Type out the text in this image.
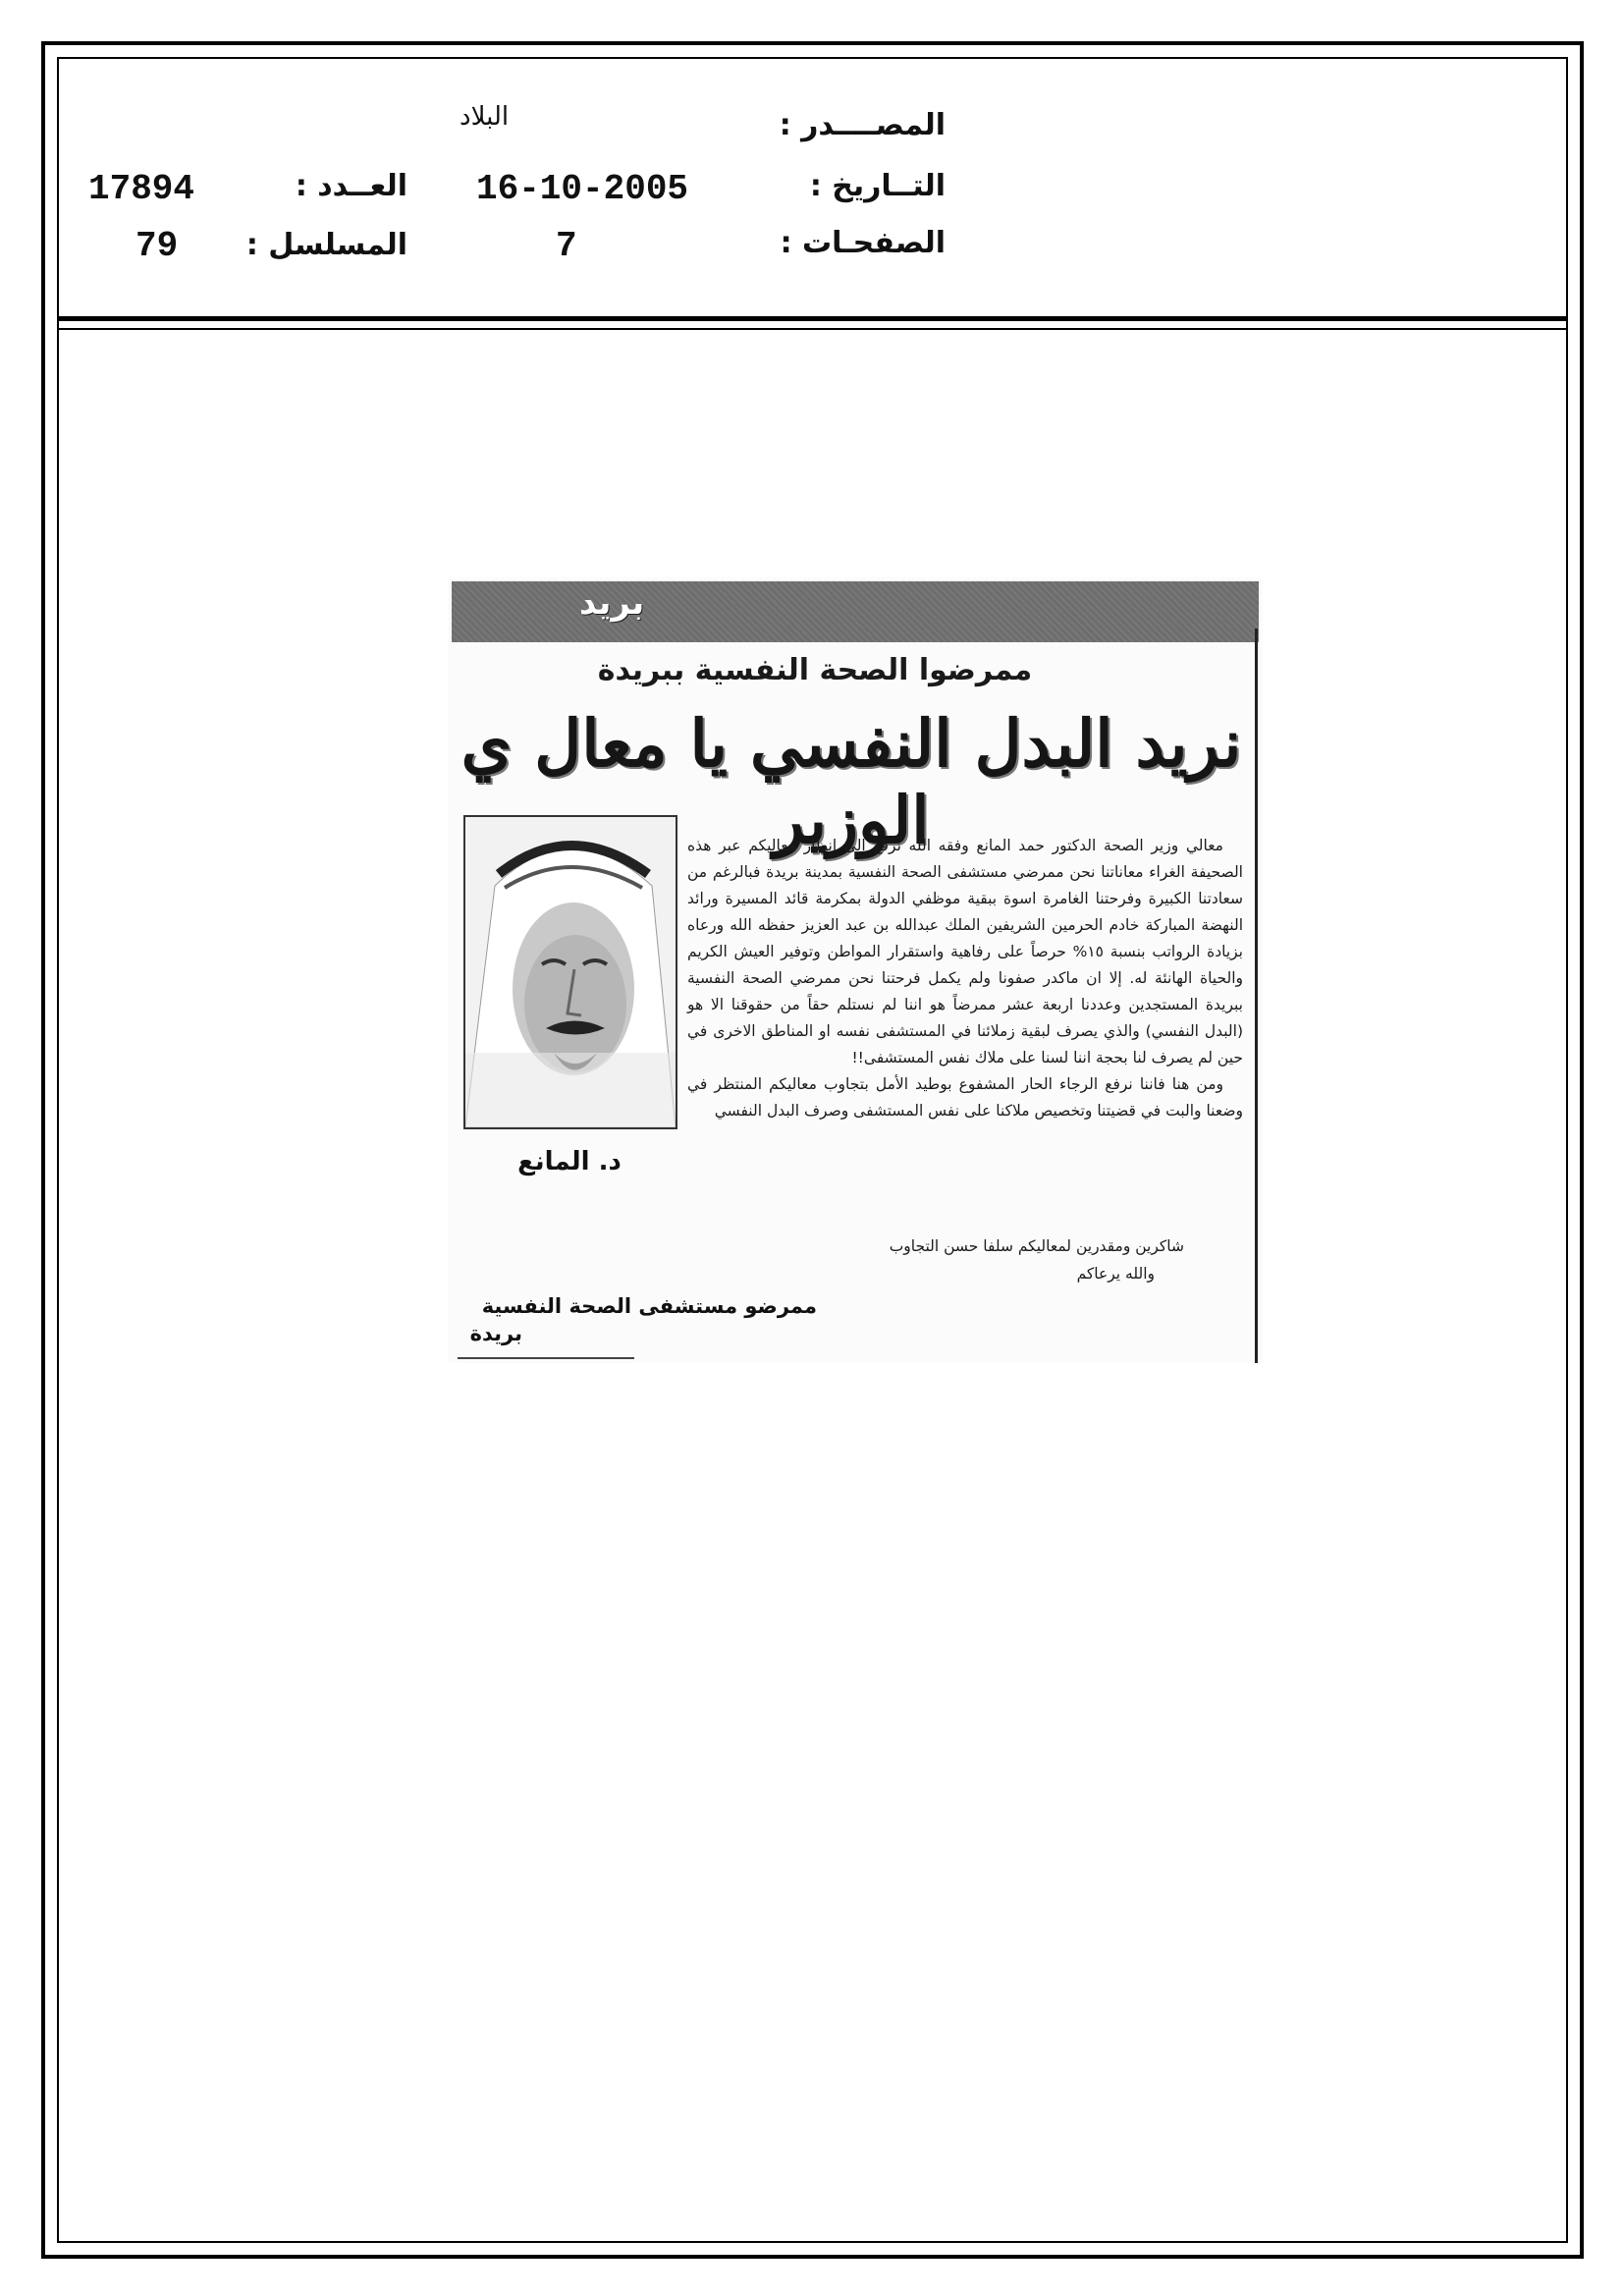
المصــــدر :
البلاد
التــاريخ :
16-10-2005
العــدد :
17894
الصفحـات :
7
المسلسل :
79
بريد
ممرضوا الصحة النفسية ببريدة
نريد البدل النفسي يا معال ي الوزير
د. المانع

معالي وزير الصحة الدكتور حمد المانع وفقه الله نرفع الى انظار معاليكم عبر هذه الصحيفة الغراء معاناتنا نحن ممرضي مستشفى الصحة النفسية بمدينة بريدة فبالرغم من سعادتنا الكبيرة وفرحتنا الغامرة اسوة ببقية موظفي الدولة بمكرمة قائد المسيرة ورائد النهضة المباركة خادم الحرمين الشريفين الملك عبدالله بن عبد العزيز حفظه الله ورعاه بزيادة الرواتب بنسبة ١٥% حرصاً على رفاهية واستقرار المواطن وتوفير العيش الكريم والحياة الهانئة له. إلا ان ماكدر صفونا ولم يكمل فرحتنا نحن ممرضي الصحة النفسية ببريدة المستجدين وعددنا اربعة عشر ممرضاً هو اننا لم نستلم حقاً من حقوقنا الا هو (البدل النفسي) والذي يصرف لبقية زملائنا في المستشفى نفسه او المناطق الاخرى في حين لم يصرف لنا بحجة اننا لسنا على ملاك نفس المستشفى!!

ومن هنا فاننا نرفع الرجاء الحار المشفوع بوطيد الأمل بتجاوب معاليكم المنتظر في وضعنا والبت في قضيتنا وتخصيص ملاكنا على نفس المستشفى وصرف البدل النفسي

شاكرين ومقدرين لمعاليكم سلفا حسن التجاوب
والله يرعاكم
ممرضو مستشفى الصحة النفسية
بريدة
